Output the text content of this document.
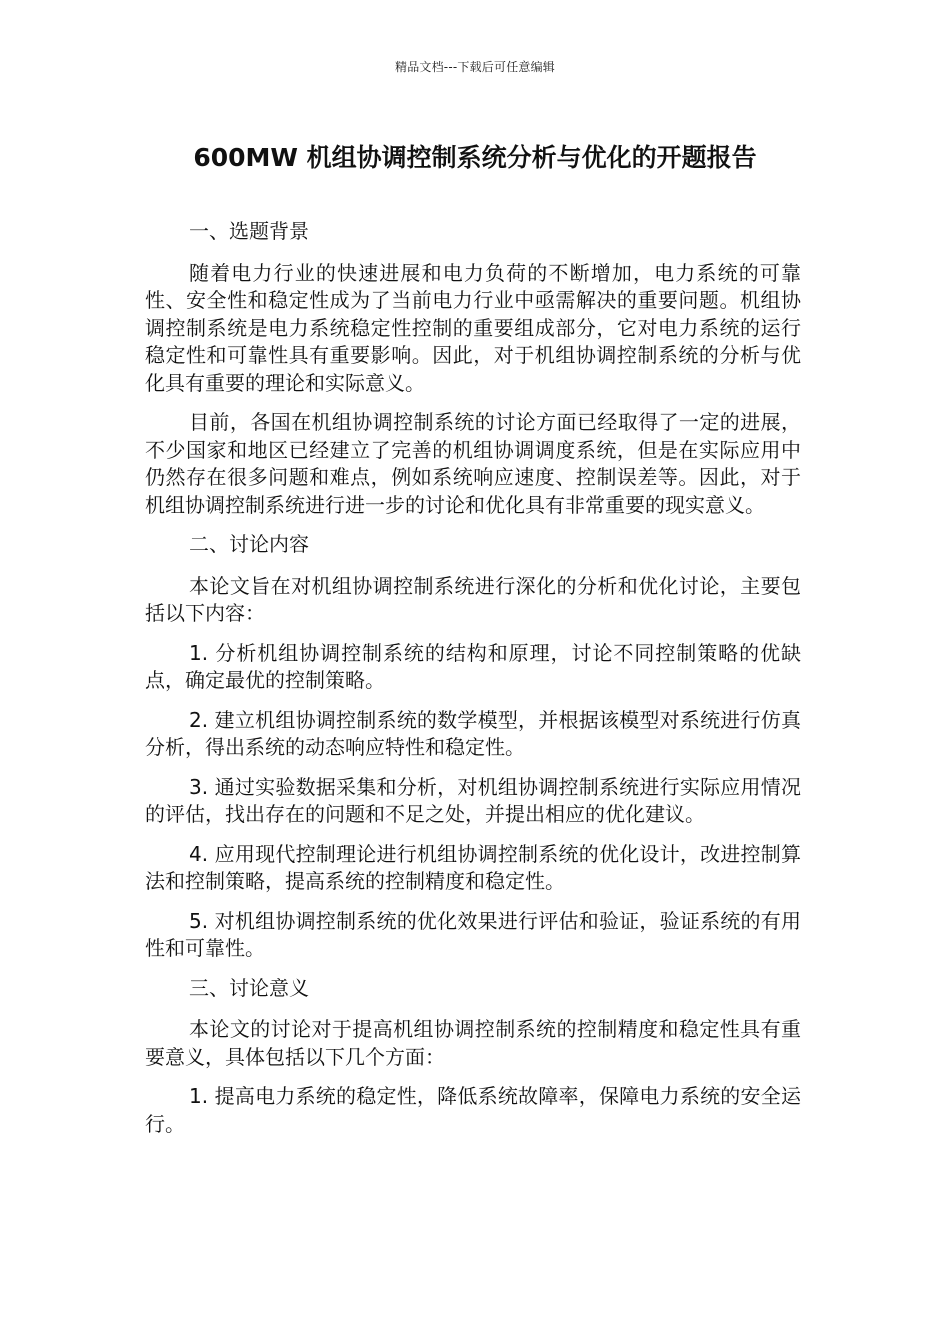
精品文档---下载后可任意编辑
600MW 机组协调控制系统分析与优化的开题报告

一、选题背景

随着电力行业的快速进展和电力负荷的不断增加，电力系统的可靠性、安全性和稳定性成为了当前电力行业中亟需解决的重要问题。机组协调控制系统是电力系统稳定性控制的重要组成部分，它对电力系统的运行稳定性和可靠性具有重要影响。因此，对于机组协调控制系统的分析与优化具有重要的理论和实际意义。

目前，各国在机组协调控制系统的讨论方面已经取得了一定的进展，不少国家和地区已经建立了完善的机组协调调度系统，但是在实际应用中仍然存在很多问题和难点，例如系统响应速度、控制误差等。因此，对于机组协调控制系统进行进一步的讨论和优化具有非常重要的现实意义。

二、讨论内容

本论文旨在对机组协调控制系统进行深化的分析和优化讨论，主要包括以下内容：

1. 分析机组协调控制系统的结构和原理，讨论不同控制策略的优缺点，确定最优的控制策略。

2. 建立机组协调控制系统的数学模型，并根据该模型对系统进行仿真分析，得出系统的动态响应特性和稳定性。

3. 通过实验数据采集和分析，对机组协调控制系统进行实际应用情况的评估，找出存在的问题和不足之处，并提出相应的优化建议。

4. 应用现代控制理论进行机组协调控制系统的优化设计，改进控制算法和控制策略，提高系统的控制精度和稳定性。

5. 对机组协调控制系统的优化效果进行评估和验证，验证系统的有用性和可靠性。

三、讨论意义

本论文的讨论对于提高机组协调控制系统的控制精度和稳定性具有重要意义，具体包括以下几个方面：

1. 提高电力系统的稳定性，降低系统故障率，保障电力系统的安全运行。
